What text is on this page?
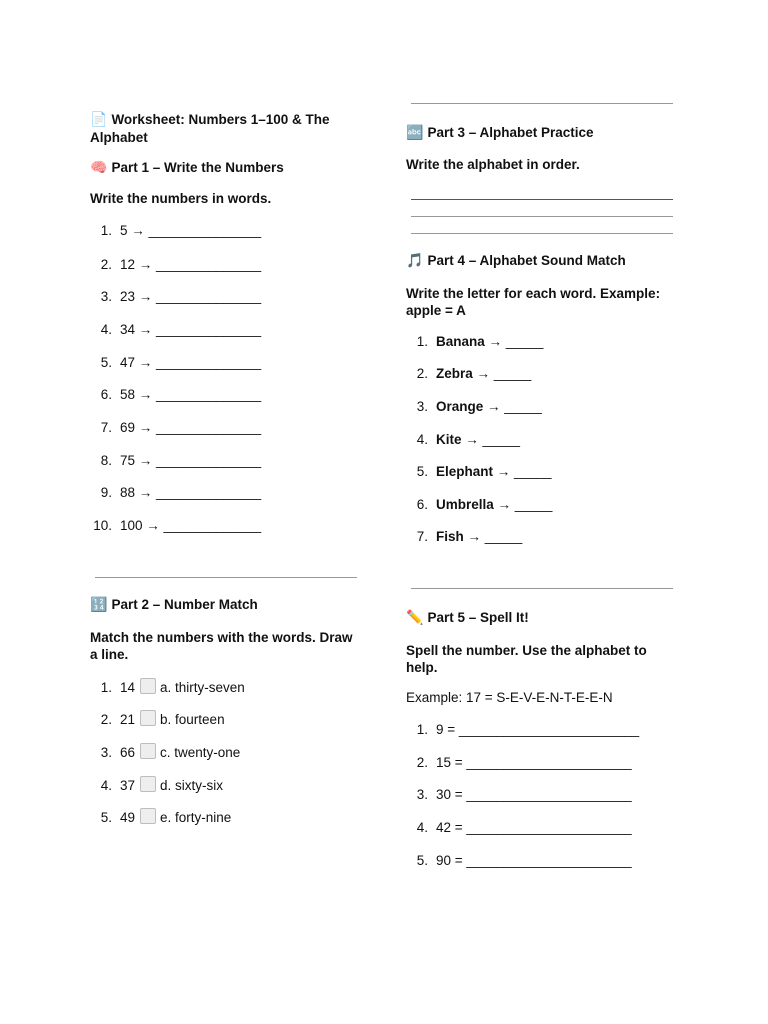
📄 Worksheet: Numbers 1–100 & The Alphabet
🧠 Part 1 – Write the Numbers
Write the numbers in words.
1. 5 → _______________
2. 12 → ______________
3. 23 → ______________
4. 34 → ______________
5. 47 → ______________
6. 58 → ______________
7. 69 → ______________
8. 75 → ______________
9. 88 → ______________
10. 100 → _____________
🔢 Part 2 – Number Match
Match the numbers with the words. Draw a line.
1. 14 a. thirty-seven
2. 21 b. fourteen
3. 66 c. twenty-one
4. 37 d. sixty-six
5. 49 e. forty-nine
🔤 Part 3 – Alphabet Practice
Write the alphabet in order.
🎵 Part 4 – Alphabet Sound Match
Write the letter for each word. Example: apple = A
1. Banana → _____
2. Zebra → _____
3. Orange → _____
4. Kite → _____
5. Elephant → _____
6. Umbrella → _____
7. Fish → _____
✏️ Part 5 – Spell It!
Spell the number. Use the alphabet to help.
Example: 17 = S-E-V-E-N-T-E-E-N
1. 9 = ________________________
2. 15 = ______________________
3. 30 = ______________________
4. 42 = ______________________
5. 90 = ______________________
